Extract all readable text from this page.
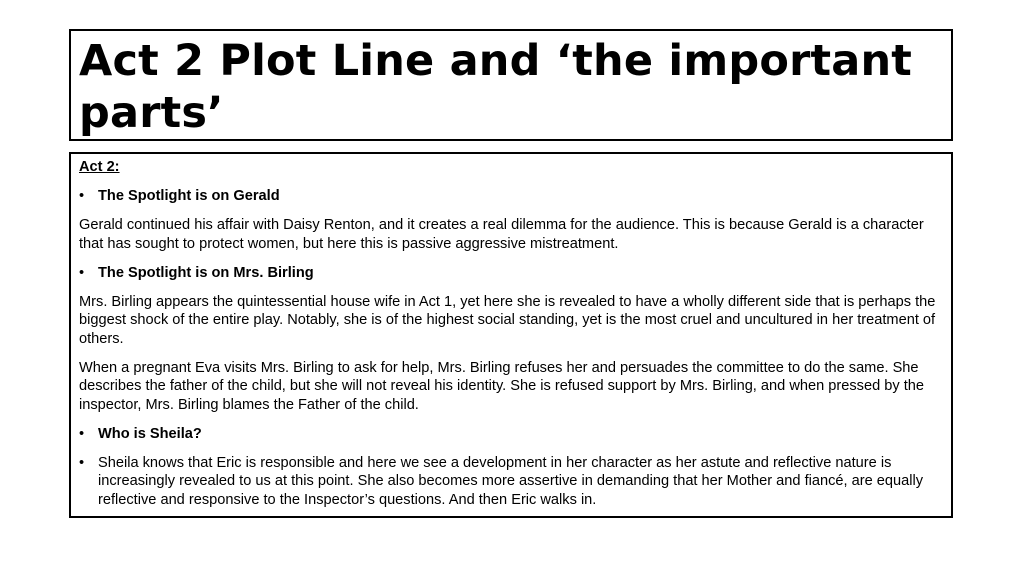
Act 2 Plot Line and ‘the important parts’

Act 2:

• The Spotlight is on Gerald

Gerald continued his affair with Daisy Renton, and it creates a real dilemma for the audience. This is because Gerald is a character that has sought to protect women, but here this is passive aggressive mistreatment.

• The Spotlight is on Mrs. Birling

Mrs. Birling appears the quintessential house wife in Act 1, yet here she is revealed to have a wholly different side that is perhaps the biggest shock of the entire play. Notably, she is of the highest social standing, yet is the most cruel and uncultured in her treatment of others.

When a pregnant Eva visits Mrs. Birling to ask for help, Mrs. Birling refuses her and persuades the committee to do the same. She describes the father of the child, but she will not reveal his identity. She is refused support by Mrs. Birling, and when pressed by the inspector, Mrs. Birling blames the Father of the child.

• Who is Sheila?
• Sheila knows that Eric is responsible and here we see a development in her character as her astute and reflective nature is increasingly revealed to us at this point. She also becomes more assertive in demanding that her Mother and fiancé, are equally reflective and responsive to the Inspector’s questions. And then Eric walks in.
